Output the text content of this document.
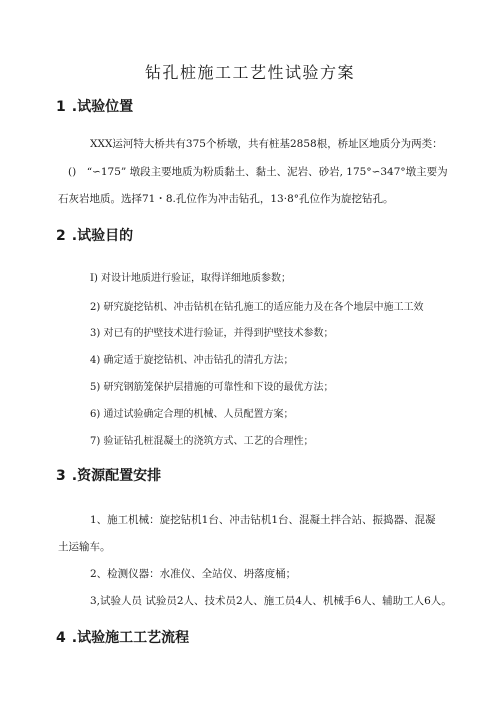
钻孔桩施工工艺性试验方案
1 .试验位置
XXX运河特大桥共有375个桥墩，共有桩基2858根，桥址区地质分为两类：
()　“∽175” 墩段主要地质为粉质黏土、黏土、泥岩、砂岩, 175°∽347°墩主要为
石灰岩地质。选择71・8.孔位作为冲击钻孔，13·8°孔位作为旋挖钻孔。
2 .试验目的
I) 对设计地质进行验证，取得详细地质参数；
2) 研究旋挖钻机、冲击钻机在钻孔施工的适应能力及在各个地层中施工工效
3) 对已有的护壁技术进行验证，并得到护壁技术参数；
4) 确定适于旋挖钻机、冲击钻孔的清孔方法；
5) 研究钢筋笼保护层措施的可靠性和下设的最优方法；
6) 通过试验确定合理的机械、人员配置方案；
7) 验证钻孔桩混凝土的浇筑方式、工艺的合理性；
3 .资源配置安排
1、施工机械：旋挖钻机1台、冲击钻机1台、混凝土拌合站、振捣器、混凝
土运输车。
2、检测仪器：水准仪、全站仪、坍落度桶；
3,试验人员 试验员2人、技术员2人、施工员4人、机械手6人、辅助工人6人。
4 .试验施工工艺流程
